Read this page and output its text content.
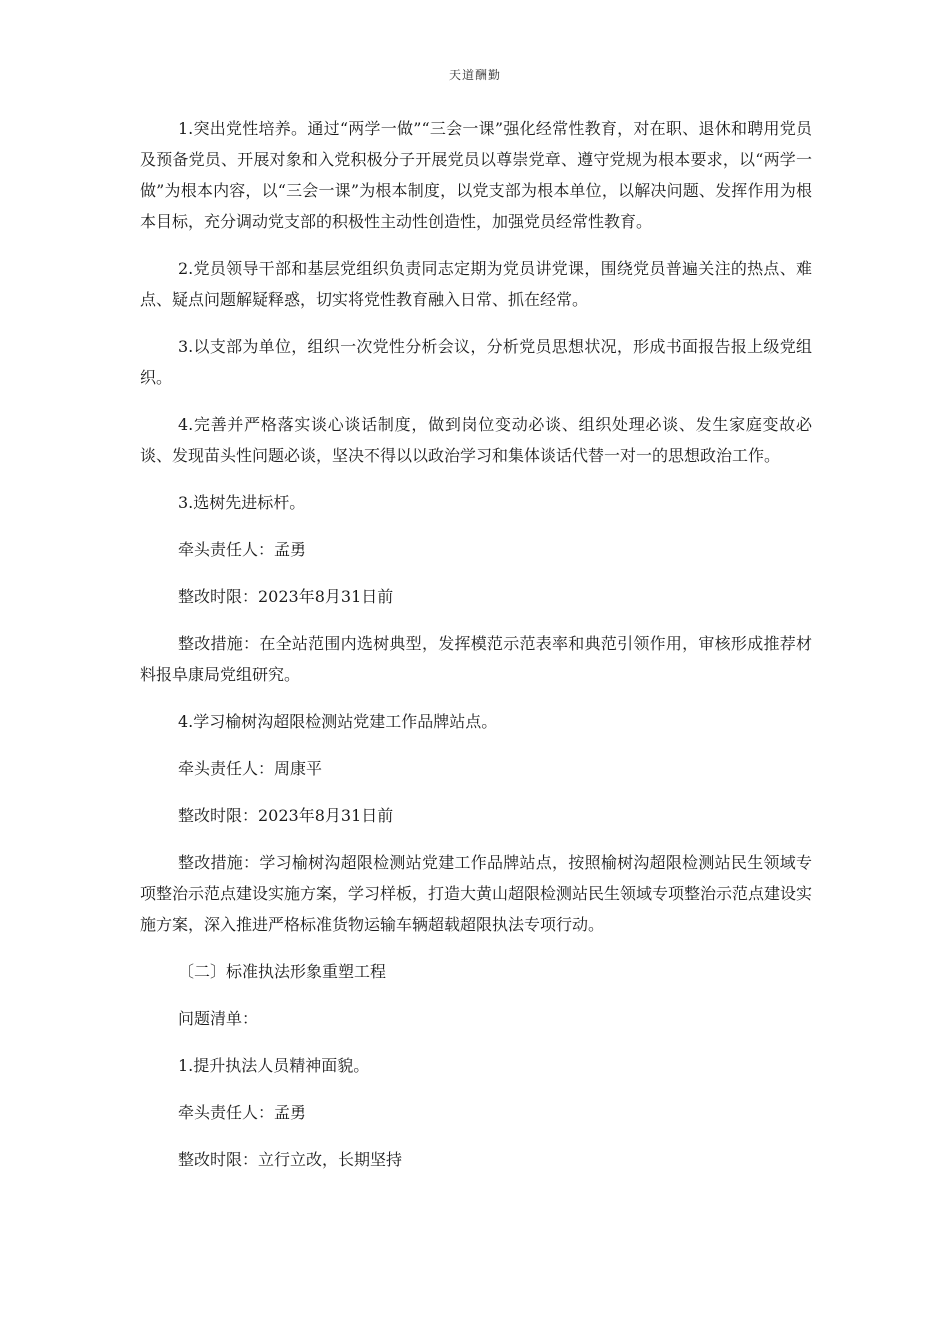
天道酬勤

1.突出党性培养。通过“两学一做”“三会一课”强化经常性教育，对在职、退休和聘用党员及预备党员、开展对象和入党积极分子开展党员以尊崇党章、遵守党规为根本要求，以“两学一做”为根本内容，以“三会一课”为根本制度，以党支部为根本单位，以解决问题、发挥作用为根本目标，充分调动党支部的积极性主动性创造性，加强党员经常性教育。

2.党员领导干部和基层党组织负责同志定期为党员讲党课，围绕党员普遍关注的热点、难点、疑点问题解疑释惑，切实将党性教育融入日常、抓在经常。

3.以支部为单位，组织一次党性分析会议，分析党员思想状况，形成书面报告报上级党组织。

4.完善并严格落实谈心谈话制度，做到岗位变动必谈、组织处理必谈、发生家庭变故必谈、发现苗头性问题必谈，坚决不得以以政治学习和集体谈话代替一对一的思想政治工作。

3.选树先进标杆。

牵头责任人：孟勇

整改时限：2023年8月31日前

整改措施：在全站范围内选树典型，发挥模范示范表率和典范引领作用，审核形成推荐材料报阜康局党组研究。

4.学习榆树沟超限检测站党建工作品牌站点。

牵头责任人：周康平

整改时限：2023年8月31日前

整改措施：学习榆树沟超限检测站党建工作品牌站点，按照榆树沟超限检测站民生领域专项整治示范点建设实施方案，学习样板，打造大黄山超限检测站民生领域专项整治示范点建设实施方案，深入推进严格标准货物运输车辆超载超限执法专项行动。

〔二〕标准执法形象重塑工程

问题清单：

1.提升执法人员精神面貌。

牵头责任人：孟勇

整改时限：立行立改，长期坚持
